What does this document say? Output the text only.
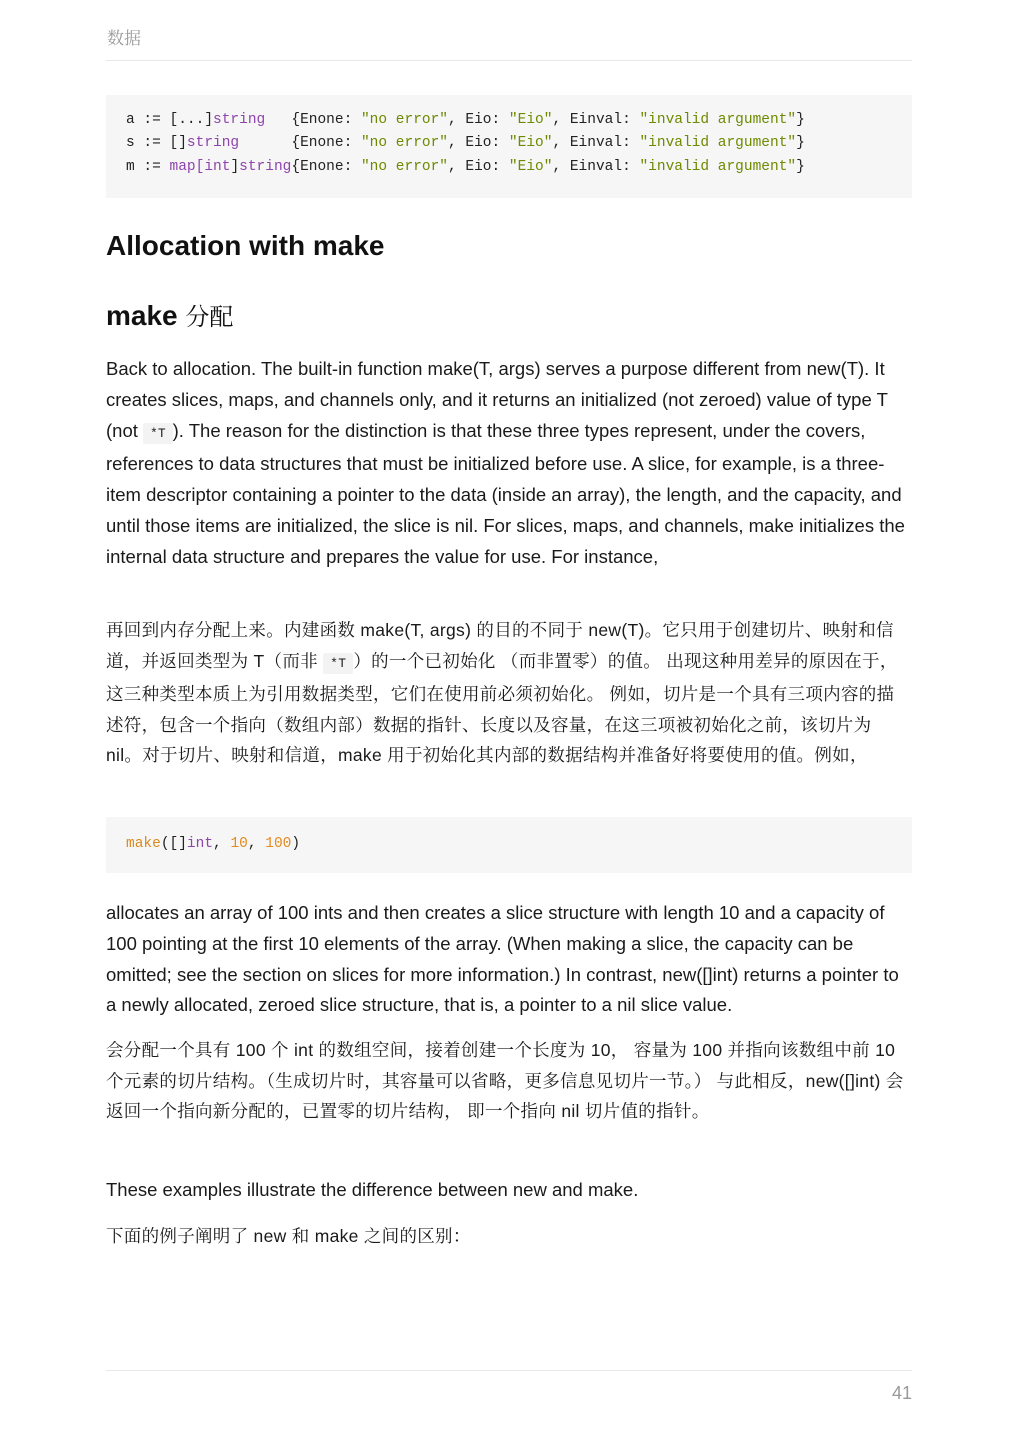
数据
a := [...]string {Enone: "no error", Eio: "Eio", Einval: "invalid argument"}
s := []string	{Enone: "no error", Eio: "Eio", Einval: "invalid argument"}
m := map[int]string{Enone: "no error", Eio: "Eio", Einval: "invalid argument"}
Allocation with make
make 分配

Back to allocation. The built-in function make(T, args) serves a purpose different from new(T). It creates slices, maps, and channels only, and it returns an initialized (not zeroed) value of type T (not *T ). The reason for the distinction is that these three types represent, under the covers, references to data structures that must be initialized before use. A slice, for example, is a three-item descriptor containing a pointer to the data (inside an array), the length, and the capacity, and until those items are initialized, the slice is nil. For slices, maps, and channels, make initializes the internal data structure and prepares the value for use. For instance,

再回到内存分配上来。内建函数 make(T, args) 的目的不同于 new(T)。它只用于创建切片、映射和信道，并返回类型为 T（而非 *T ）的一个已初始化 （而非置零）的值。 出现这种用差异的原因在于，这三种类型本质上为引用数据类型，它们在使用前必须初始化。 例如，切片是一个具有三项内容的描述符，包含一个指向（数组内部）数据的指针、长度以及容量，在这三项被初始化之前，该切片为 nil。对于切片、映射和信道，make 用于初始化其内部的数据结构并准备好将要使用的值。例如，

make([]int, 10, 100)

allocates an array of 100 ints and then creates a slice structure with length 10 and a capacity of 100 pointing at the first 10 elements of the array. (When making a slice, the capacity can be omitted; see the section on slices for more information.) In contrast, new([]int) returns a pointer to a newly allocated, zeroed slice structure, that is, a pointer to a nil slice value.

会分配一个具有 100 个 int 的数组空间，接着创建一个长度为 10， 容量为 100 并指向该数组中前 10 个元素的切片结构。（生成切片时，其容量可以省略，更多信息见切片一节。） 与此相反，new([]int) 会返回一个指向新分配的，已置零的切片结构， 即一个指向 nil 切片值的指针。

These examples illustrate the difference between new and make.

下面的例子阐明了 new 和 make 之间的区别：

41
